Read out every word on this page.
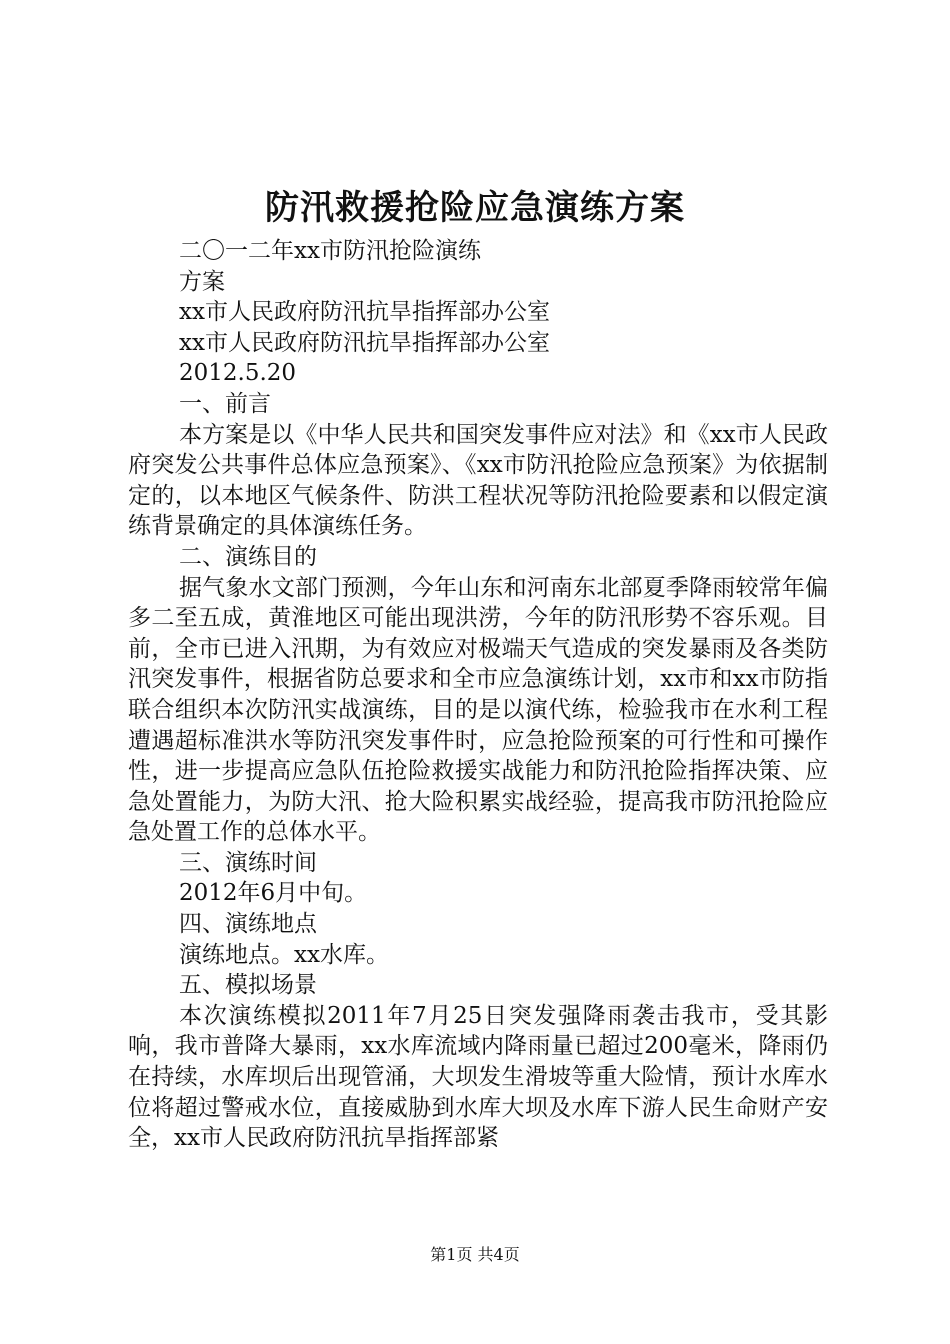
防汛救援抢险应急演练方案

二〇一二年xx市防汛抢险演练

方案

xx市人民政府防汛抗旱指挥部办公室

xx市人民政府防汛抗旱指挥部办公室

2012.5.20

一、前言

本方案是以《中华人民共和国突发事件应对法》和《xx市人民政府突发公共事件总体应急预案》、《xx市防汛抢险应急预案》为依据制定的，以本地区气候条件、防洪工程状况等防汛抢险要素和以假定演练背景确定的具体演练任务。

二、演练目的

据气象水文部门预测，今年山东和河南东北部夏季降雨较常年偏多二至五成，黄淮地区可能出现洪涝，今年的防汛形势不容乐观。目前，全市已进入汛期，为有效应对极端天气造成的突发暴雨及各类防汛突发事件，根据省防总要求和全市应急演练计划，xx市和xx市防指联合组织本次防汛实战演练，目的是以演代练，检验我市在水利工程遭遇超标准洪水等防汛突发事件时，应急抢险预案的可行性和可操作性，进一步提高应急队伍抢险救援实战能力和防汛抢险指挥决策、应急处置能力，为防大汛、抢大险积累实战经验，提高我市防汛抢险应急处置工作的总体水平。

三、演练时间

2012年6月中旬。

四、演练地点

演练地点。xx水库。

五、模拟场景

本次演练模拟2011年7月25日突发强降雨袭击我市，受其影响，我市普降大暴雨，xx水库流域内降雨量已超过200毫米，降雨仍在持续，水库坝后出现管涌，大坝发生滑坡等重大险情，预计水库水位将超过警戒水位，直接威胁到水库大坝及水库下游人民生命财产安全，xx市人民政府防汛抗旱指挥部紧

第1页 共4页
